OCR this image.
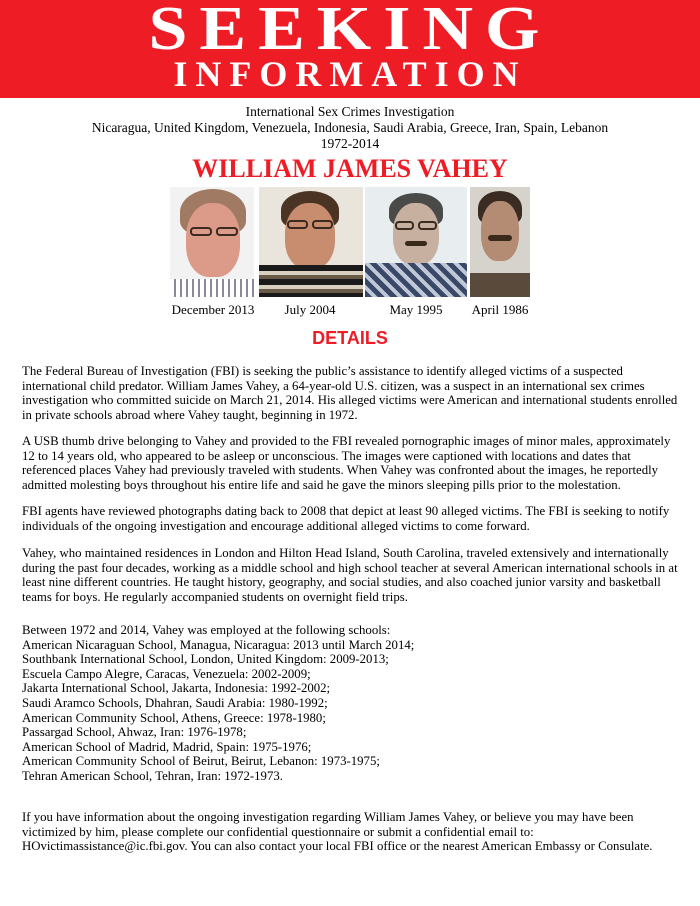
SEEKING
INFORMATION
International Sex Crimes Investigation
Nicaragua, United Kingdom, Venezuela, Indonesia, Saudi Arabia, Greece, Iran, Spain, Lebanon
1972-2014
WILLIAM JAMES VAHEY
December 2013	July 2004	May 1995	April 1986
DETAILS
The Federal Bureau of Investigation (FBI) is seeking the public’s assistance to identify alleged victims of a suspected international child predator. William James Vahey, a 64-year-old U.S. citizen, was a suspect in an international sex crimes investigation who committed suicide on March 21, 2014. His alleged victims were American and international students enrolled in private schools abroad where Vahey taught, beginning in 1972.
A USB thumb drive belonging to Vahey and provided to the FBI revealed pornographic images of minor males, approximately 12 to 14 years old, who appeared to be asleep or unconscious. The images were captioned with locations and dates that referenced places Vahey had previously traveled with students. When Vahey was confronted about the images, he reportedly admitted molesting boys throughout his entire life and said he gave the minors sleeping pills prior to the molestation.
FBI agents have reviewed photographs dating back to 2008 that depict at least 90 alleged victims. The FBI is seeking to notify individuals of the ongoing investigation and encourage additional alleged victims to come forward.
Vahey, who maintained residences in London and Hilton Head Island, South Carolina, traveled extensively and internationally during the past four decades, working as a middle school and high school teacher at several American international schools in at least nine different countries. He taught history, geography, and social studies, and also coached junior varsity and basketball teams for boys. He regularly accompanied students on overnight field trips.
Between 1972 and 2014, Vahey was employed at the following schools:
American Nicaraguan School, Managua, Nicaragua: 2013 until March 2014;
Southbank International School, London, United Kingdom: 2009-2013;
Escuela Campo Alegre, Caracas, Venezuela: 2002-2009;
Jakarta International School, Jakarta, Indonesia: 1992-2002;
Saudi Aramco Schools, Dhahran, Saudi Arabia: 1980-1992;
American Community School, Athens, Greece: 1978-1980;
Passargad School, Ahwaz, Iran: 1976-1978;
American School of Madrid, Madrid, Spain: 1975-1976;
American Community School of Beirut, Beirut, Lebanon: 1973-1975;
Tehran American School, Tehran, Iran: 1972-1973.
If you have information about the ongoing investigation regarding William James Vahey, or believe you may have been victimized by him, please complete our confidential questionnaire or submit a confidential email to: HOvictimassistance@ic.fbi.gov. You can also contact your local FBI office or the nearest American Embassy or Consulate.
